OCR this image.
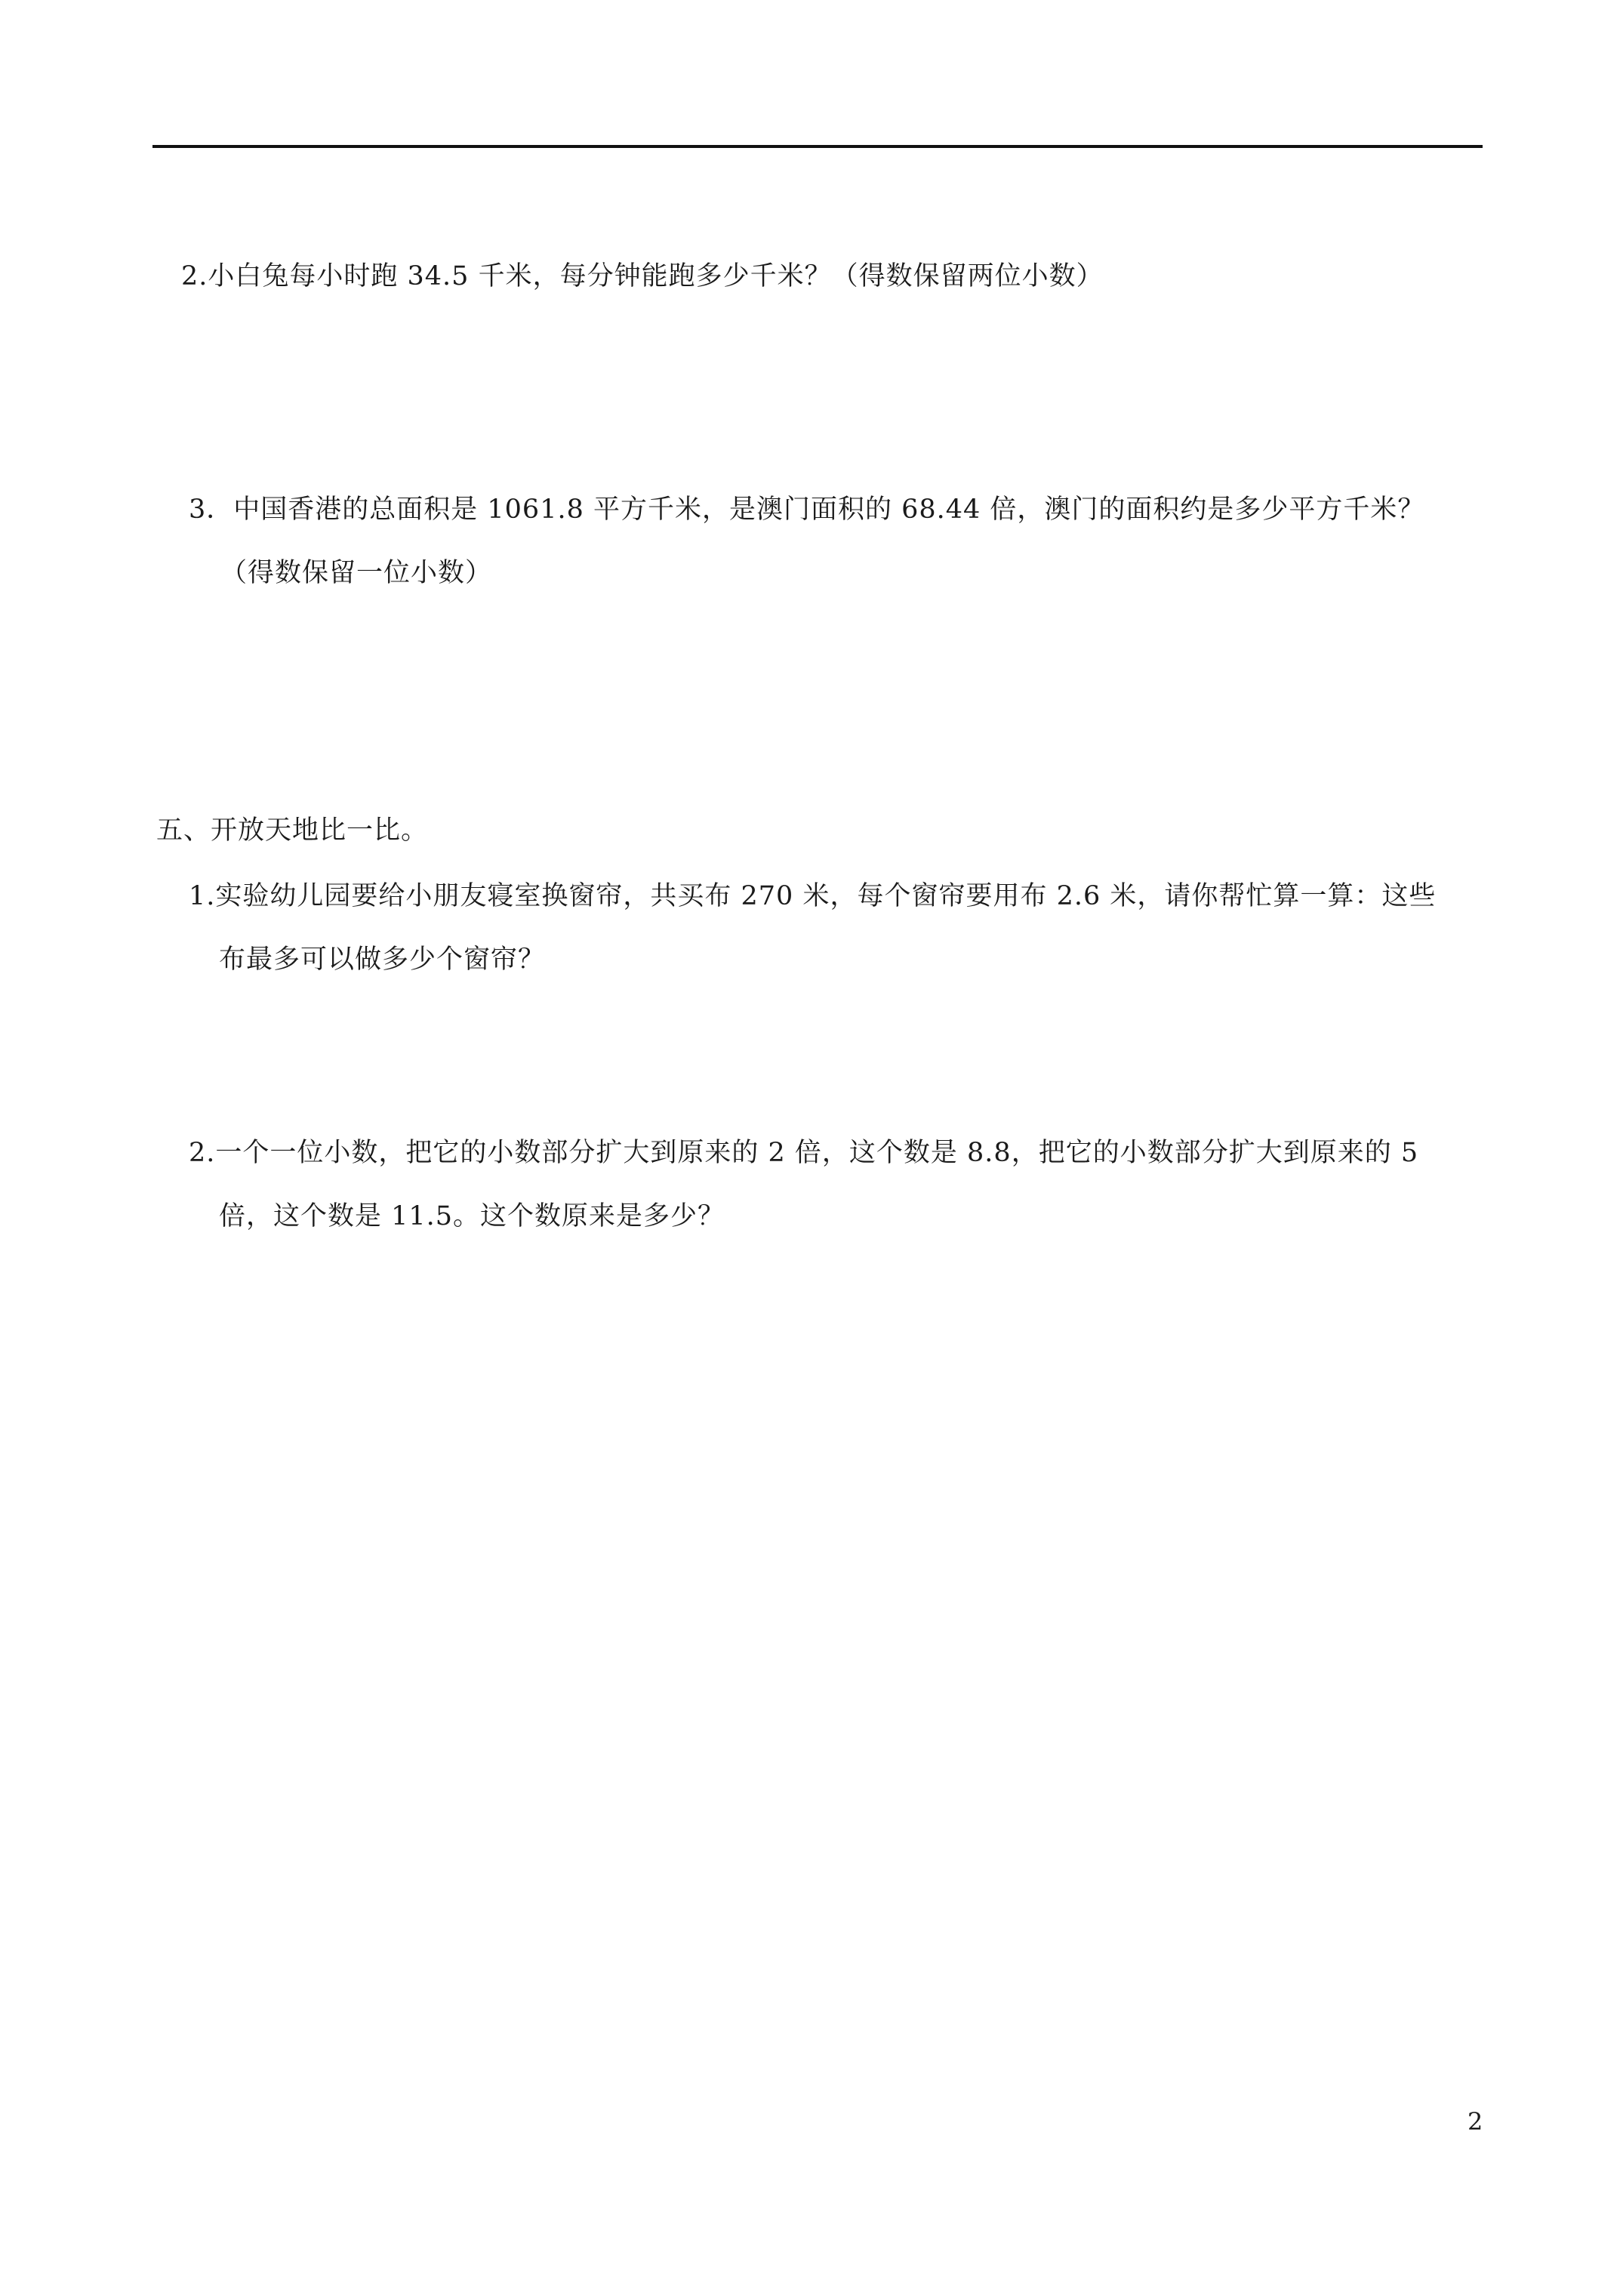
2.小白兔每小时跑 34.5 千米，每分钟能跑多少千米？（得数保留两位小数）
3．中国香港的总面积是 1061.8 平方千米，是澳门面积的 68.44 倍，澳门的面积约是多少平方千米？
（得数保留一位小数）
五、开放天地比一比。
1.实验幼儿园要给小朋友寝室换窗帘，共买布 270 米，每个窗帘要用布 2.6 米，请你帮忙算一算：这些
布最多可以做多少个窗帘？
2.一个一位小数，把它的小数部分扩大到原来的 2 倍，这个数是 8.8，把它的小数部分扩大到原来的 5
倍，这个数是 11.5。这个数原来是多少？
2
